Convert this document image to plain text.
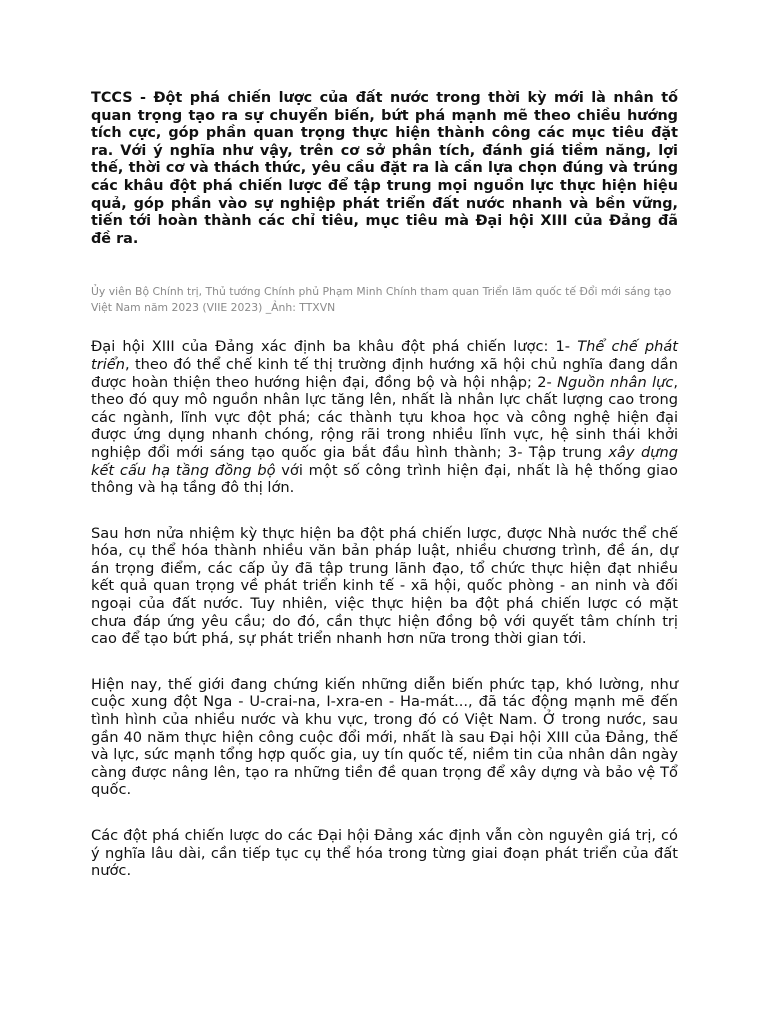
TCCS - Đột phá chiến lược của đất nước trong thời kỳ mới là nhân tố quan trọng tạo ra sự chuyển biến, bứt phá mạnh mẽ theo chiều hướng tích cực, góp phần quan trọng thực hiện thành công các mục tiêu đặt ra. Với ý nghĩa như vậy, trên cơ sở phân tích, đánh giá tiềm năng, lợi thế, thời cơ và thách thức, yêu cầu đặt ra là cần lựa chọn đúng và trúng các khâu đột phá chiến lược để tập trung mọi nguồn lực thực hiện hiệu quả, góp phần vào sự nghiệp phát triển đất nước nhanh và bền vững, tiến tới hoàn thành các chỉ tiêu, mục tiêu mà Đại hội XIII của Đảng đã đề ra.

Ủy viên Bộ Chính trị, Thủ tướng Chính phủ Phạm Minh Chính tham quan Triển lãm quốc tế Đổi mới sáng tạo Việt Nam năm 2023 (VIIE 2023) _Ảnh: TTXVN

Đại hội XIII của Đảng xác định ba khâu đột phá chiến lược: 1- Thể chế phát triển, theo đó thể chế kinh tế thị trường định hướng xã hội chủ nghĩa đang dần được hoàn thiện theo hướng hiện đại, đồng bộ và hội nhập; 2- Nguồn nhân lực, theo đó quy mô nguồn nhân lực tăng lên, nhất là nhân lực chất lượng cao trong các ngành, lĩnh vực đột phá; các thành tựu khoa học và công nghệ hiện đại được ứng dụng nhanh chóng, rộng rãi trong nhiều lĩnh vực, hệ sinh thái khởi nghiệp đổi mới sáng tạo quốc gia bắt đầu hình thành; 3- Tập trung xây dựng kết cấu hạ tầng đồng bộ với một số công trình hiện đại, nhất là hệ thống giao thông và hạ tầng đô thị lớn.

Sau hơn nửa nhiệm kỳ thực hiện ba đột phá chiến lược, được Nhà nước thể chế hóa, cụ thể hóa thành nhiều văn bản pháp luật, nhiều chương trình, đề án, dự án trọng điểm, các cấp ủy đã tập trung lãnh đạo, tổ chức thực hiện đạt nhiều kết quả quan trọng về phát triển kinh tế - xã hội, quốc phòng - an ninh và đối ngoại của đất nước. Tuy nhiên, việc thực hiện ba đột phá chiến lược có mặt chưa đáp ứng yêu cầu; do đó, cần thực hiện đồng bộ với quyết tâm chính trị cao để tạo bứt phá, sự phát triển nhanh hơn nữa trong thời gian tới.

Hiện nay, thế giới đang chứng kiến những diễn biến phức tạp, khó lường, như cuộc xung đột Nga - U-crai-na, I-xra-en - Ha-mát..., đã tác động mạnh mẽ đến tình hình của nhiều nước và khu vực, trong đó có Việt Nam. Ở trong nước, sau gần 40 năm thực hiện công cuộc đổi mới, nhất là sau Đại hội XIII của Đảng, thế và lực, sức mạnh tổng hợp quốc gia, uy tín quốc tế, niềm tin của nhân dân ngày càng được nâng lên, tạo ra những tiền đề quan trọng để xây dựng và bảo vệ Tổ quốc.

Các đột phá chiến lược do các Đại hội Đảng xác định vẫn còn nguyên giá trị, có ý nghĩa lâu dài, cần tiếp tục cụ thể hóa trong từng giai đoạn phát triển của đất nước.
